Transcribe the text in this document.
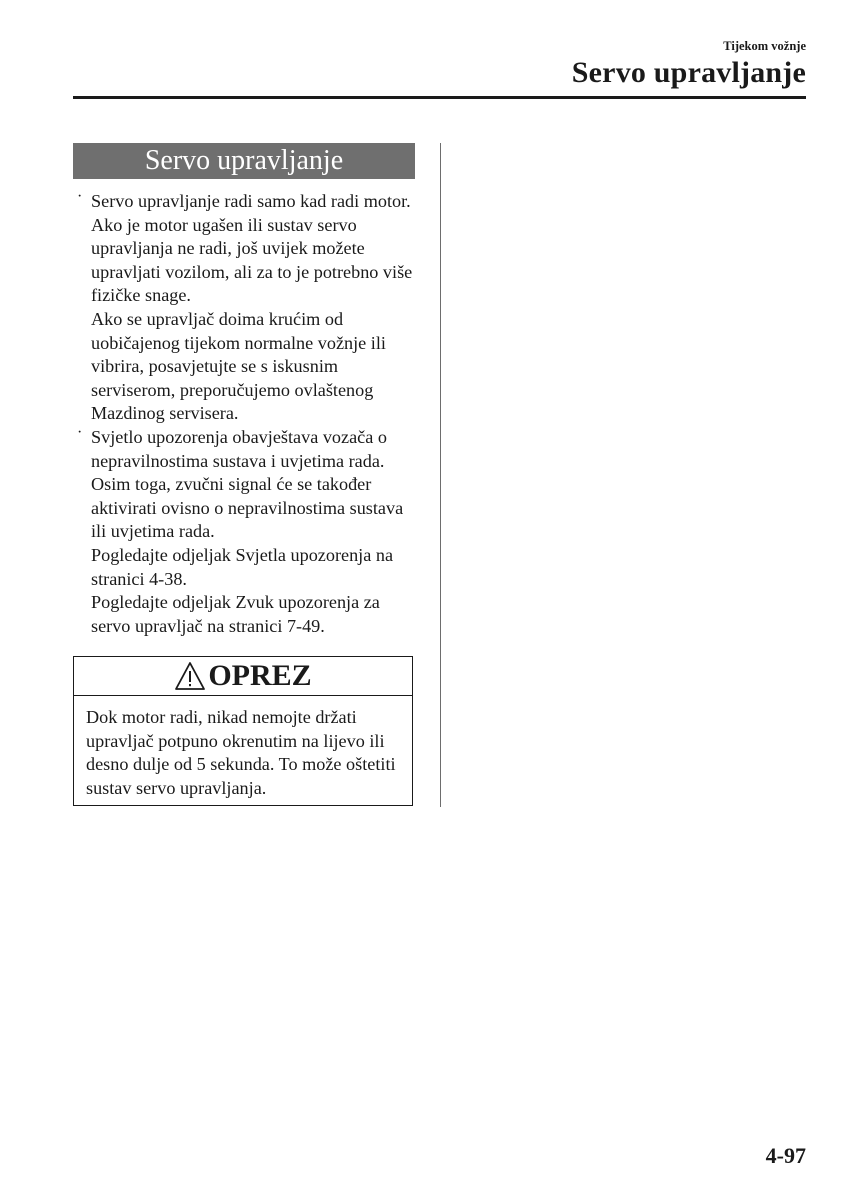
Tijekom vožnje
Servo upravljanje
Servo upravljanje
· Servo upravljanje radi samo kad radi motor. Ako je motor ugašen ili sustav servo upravljanja ne radi, još uvijek možete upravljati vozilom, ali za to je potrebno više fizičke snage.
Ako se upravljač doima krućim od uobičajenog tijekom normalne vožnje ili vibrira, posavjetujte se s iskusnim serviserom, preporučujemo ovlaštenog Mazdinog servisera.
· Svjetlo upozorenja obavještava vozača o nepravilnostima sustava i uvjetima rada. Osim toga, zvučni signal će se također aktivirati ovisno o nepravilnostima sustava ili uvjetima rada.
Pogledajte odjeljak Svjetla upozorenja na stranici 4-38.
Pogledajte odjeljak Zvuk upozorenja za servo upravljač na stranici 7-49.
OPREZ
Dok motor radi, nikad nemojte držati upravljač potpuno okrenutim na lijevo ili desno dulje od 5 sekunda. To može oštetiti sustav servo upravljanja.
4-97
